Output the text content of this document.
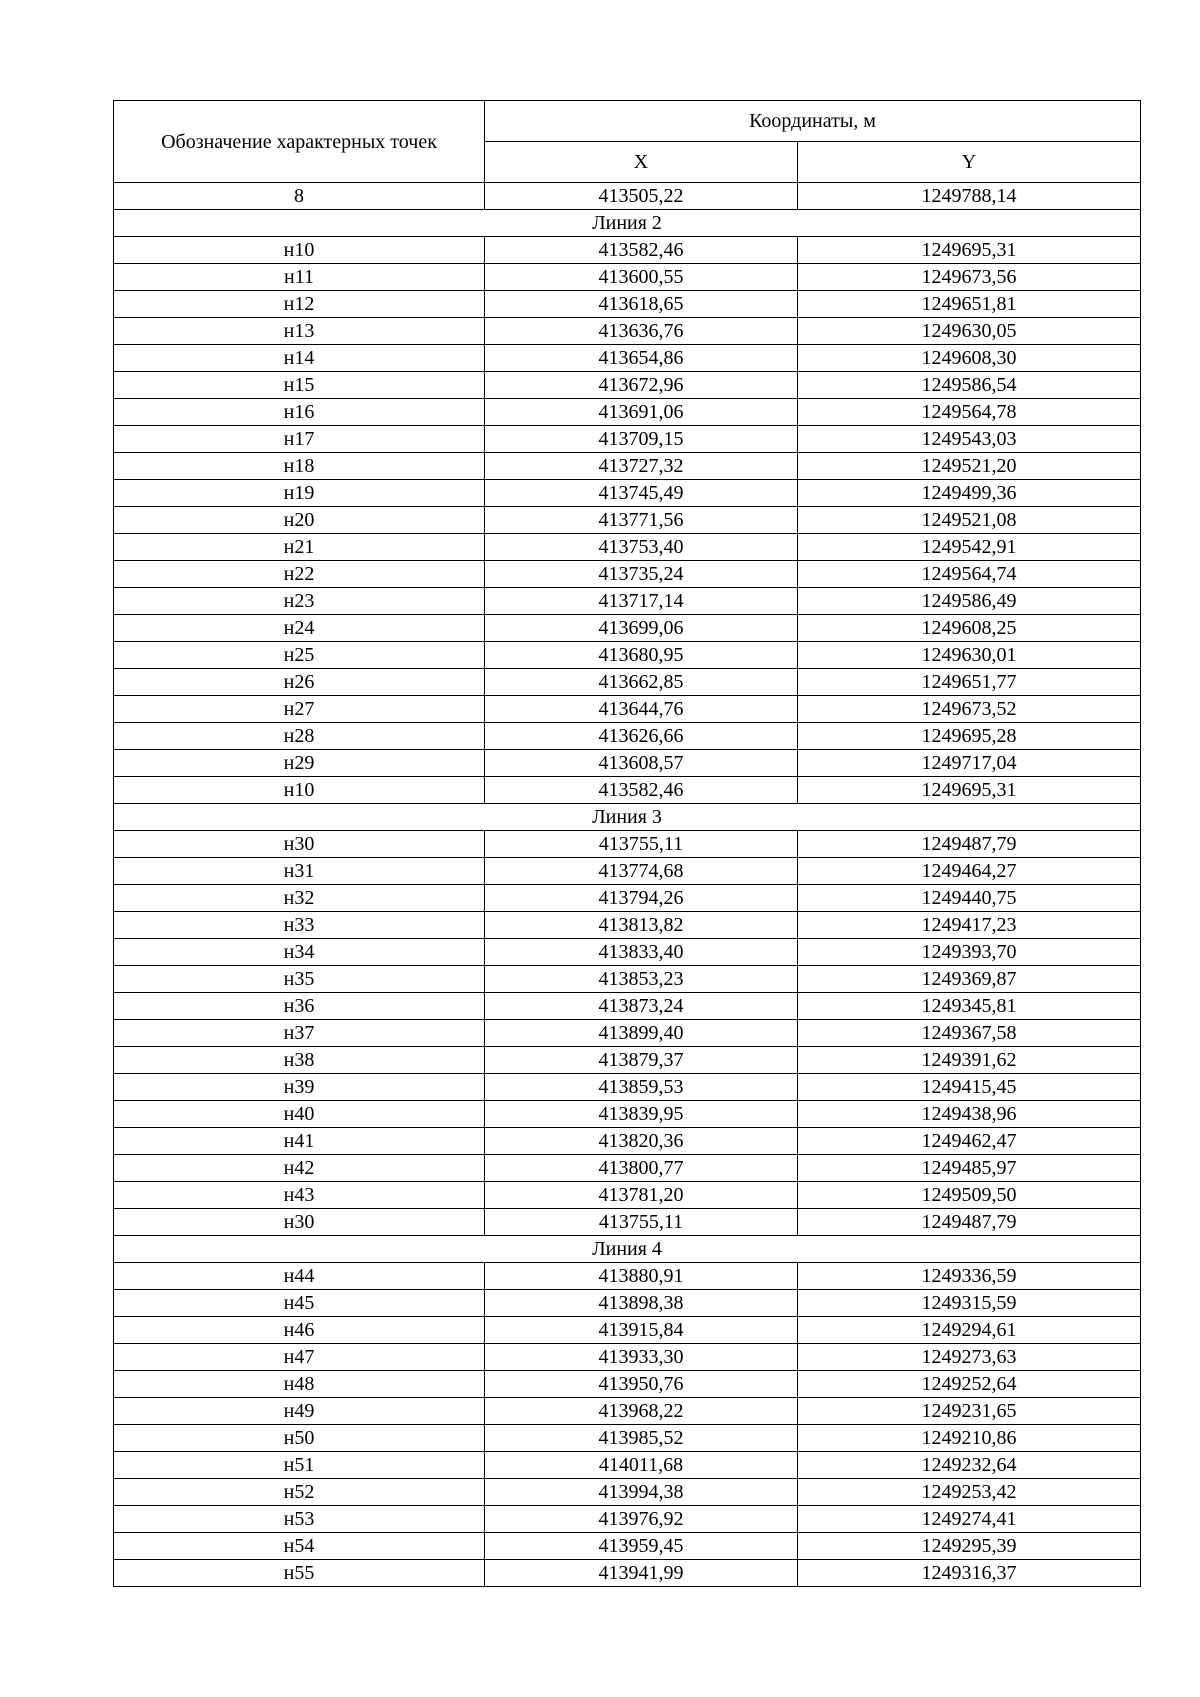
Обозначение характерных точек	Координаты, м	
	X	Y
8	413505,22	1249788,14
Линия 2		
н10	413582,46	1249695,31
н11	413600,55	1249673,56
н12	413618,65	1249651,81
н13	413636,76	1249630,05
н14	413654,86	1249608,30
н15	413672,96	1249586,54
н16	413691,06	1249564,78
н17	413709,15	1249543,03
н18	413727,32	1249521,20
н19	413745,49	1249499,36
н20	413771,56	1249521,08
н21	413753,40	1249542,91
н22	413735,24	1249564,74
н23	413717,14	1249586,49
н24	413699,06	1249608,25
н25	413680,95	1249630,01
н26	413662,85	1249651,77
н27	413644,76	1249673,52
н28	413626,66	1249695,28
н29	413608,57	1249717,04
н10	413582,46	1249695,31
Линия 3		
н30	413755,11	1249487,79
н31	413774,68	1249464,27
н32	413794,26	1249440,75
н33	413813,82	1249417,23
н34	413833,40	1249393,70
н35	413853,23	1249369,87
н36	413873,24	1249345,81
н37	413899,40	1249367,58
н38	413879,37	1249391,62
н39	413859,53	1249415,45
н40	413839,95	1249438,96
н41	413820,36	1249462,47
н42	413800,77	1249485,97
н43	413781,20	1249509,50
н30	413755,11	1249487,79
Линия 4		
н44	413880,91	1249336,59
н45	413898,38	1249315,59
н46	413915,84	1249294,61
н47	413933,30	1249273,63
н48	413950,76	1249252,64
н49	413968,22	1249231,65
н50	413985,52	1249210,86
н51	414011,68	1249232,64
н52	413994,38	1249253,42
н53	413976,92	1249274,41
н54	413959,45	1249295,39
н55	413941,99	1249316,37
